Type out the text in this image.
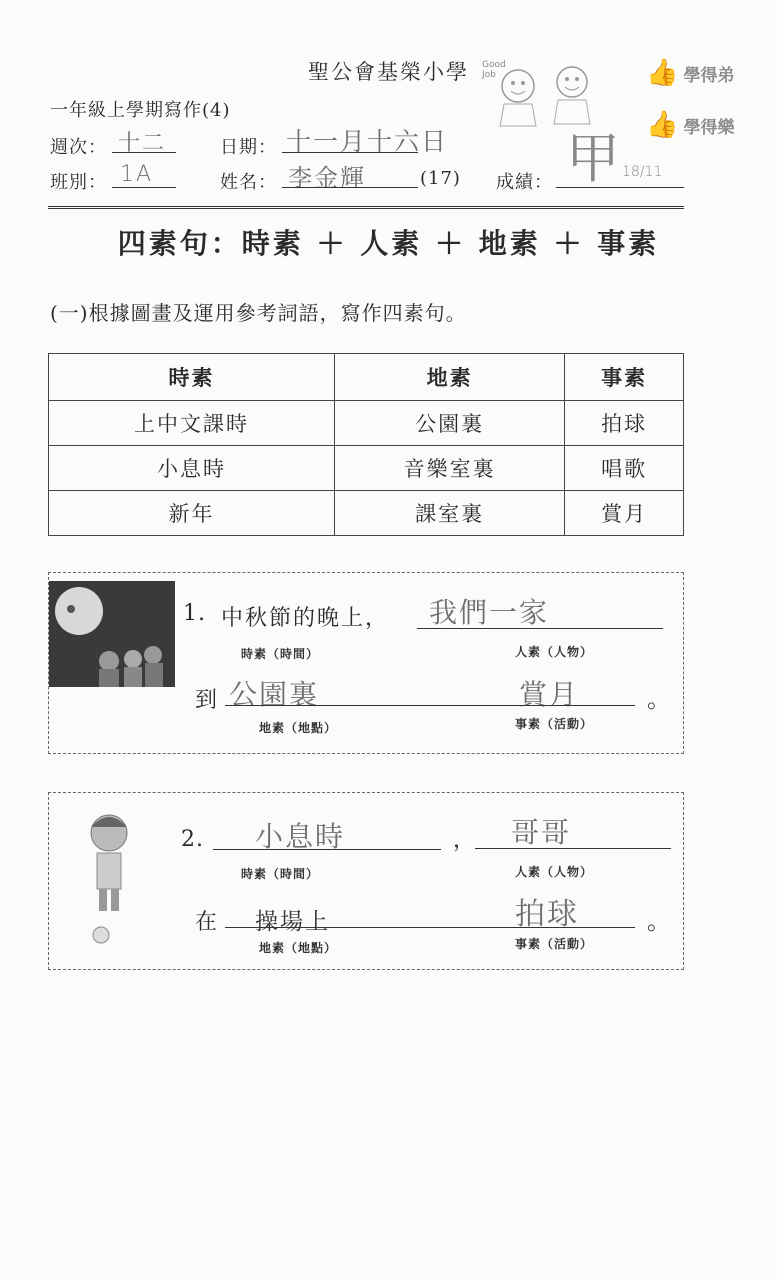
聖公會基榮小學
一年級上學期寫作(4)
Good Job	👍 學得弟
👍 學得樂
週次： 十二	日期： 十一月十六日
班別： 1A	姓名： 李金輝	(17) 成績： 甲 18/11
四素句：時素 ＋ 人素 ＋ 地素 ＋ 事素
(一)根據圖畫及運用參考詞語，寫作四素句。
時素	地素	事素
上中文課時	公園裏	拍球
小息時	音樂室裏	唱歌
新年	課室裏	賞月
1. 中秋節的晚上，
時素（時間）
我們一家
人素（人物）
到 公園裏	賞月	。
地素（地點）	事素（活動）
2. 小息時	，
時素（時間）
哥哥
人素（人物）
在 操場上	拍球	。
地素（地點）	事素（活動）
